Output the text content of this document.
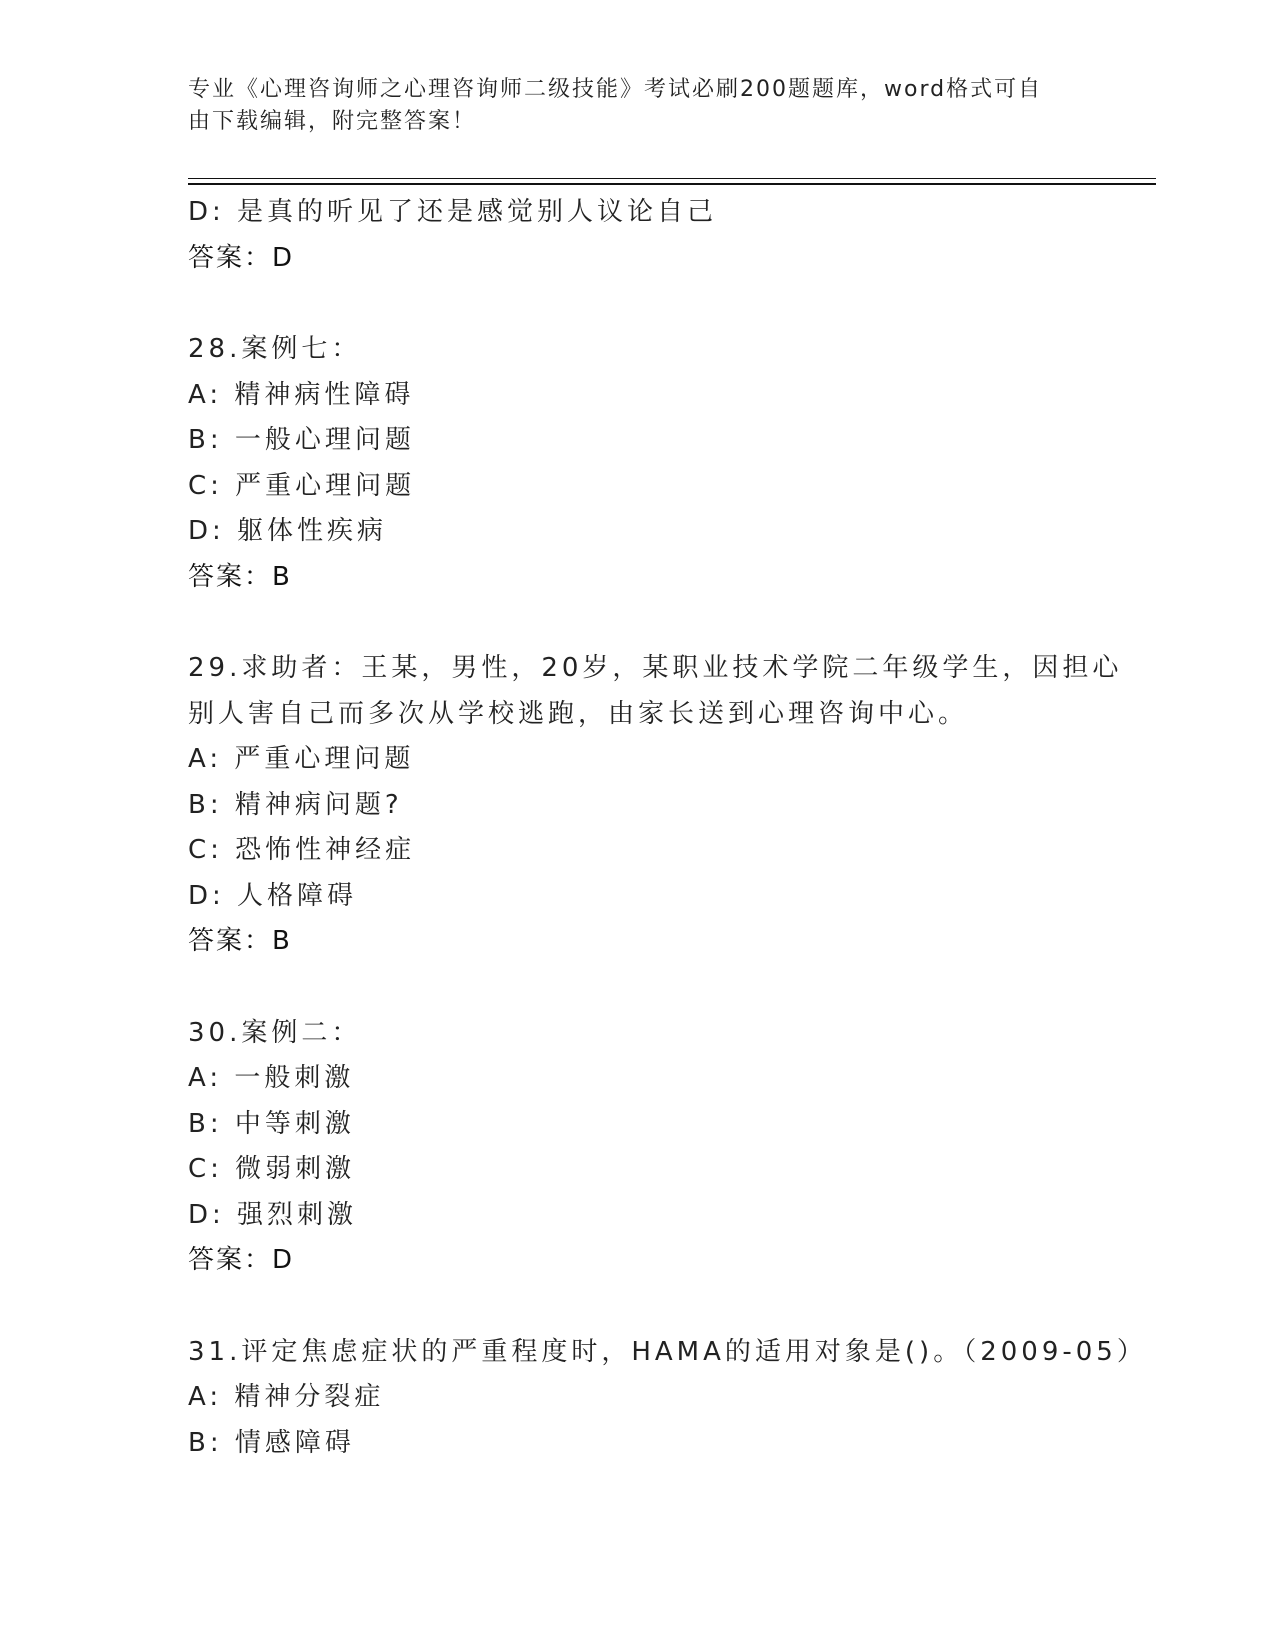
专业《心理咨询师之心理咨询师二级技能》考试必刷200题题库，word格式可自
由下载编辑，附完整答案！
D: 是真的听见了还是感觉别人议论自己
答案：D
28.案例七：
A: 精神病性障碍
B: 一般心理问题
C: 严重心理问题
D: 躯体性疾病
答案：B
29.求助者：王某，男性，20岁，某职业技术学院二年级学生，因担心
别人害自己而多次从学校逃跑，由家长送到心理咨询中心。
A: 严重心理问题
B: 精神病问题?
C: 恐怖性神经症
D: 人格障碍
答案：B
30.案例二：
A: 一般刺激
B: 中等刺激
C: 微弱刺激
D: 强烈刺激
答案：D
31.评定焦虑症状的严重程度时，HAMA的适用对象是()。（2009-05）
A: 精神分裂症
B: 情感障碍
